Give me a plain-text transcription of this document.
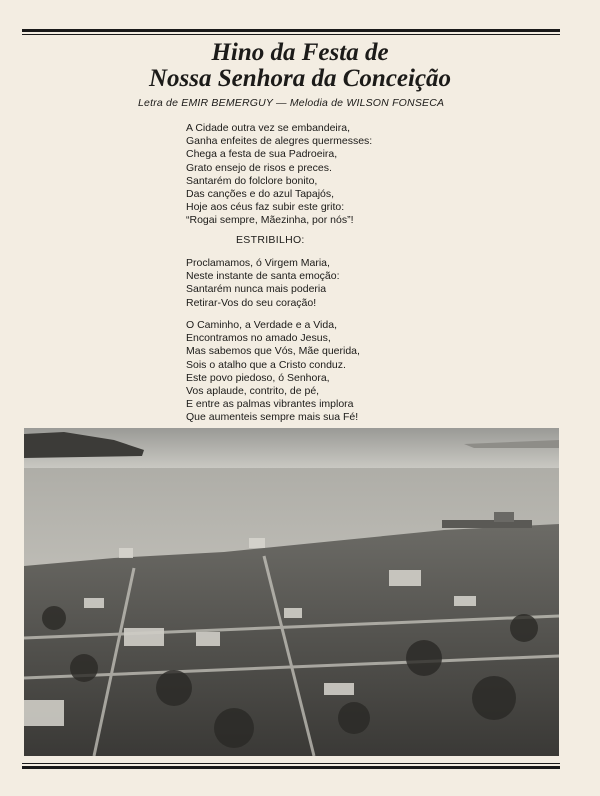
Hino da Festa de
Nossa Senhora da Conceição
Letra de EMIR BEMERGUY — Melodia de WILSON FONSECA
A Cidade outra vez se embandeira,
Ganha enfeites de alegres quermesses:
Chega a festa de sua Padroeira,
Grato ensejo de risos e preces.
Santarém do folclore bonito,
Das canções e do azul Tapajós,
Hoje aos céus faz subir este grito:
“Rogai sempre, Mãezinha, por nós”!
ESTRIBILHO:
Proclamamos, ó Virgem Maria,
Neste instante de santa emoção:
Santarém nunca mais poderia
Retirar-Vos do seu coração!
O Caminho, a Verdade e a Vida,
Encontramos no amado Jesus,
Mas sabemos que Vós, Mãe querida,
Sois o atalho que a Cristo conduz.
Este povo piedoso, ó Senhora,
Vos aplaude, contrito, de pé,
E entre as palmas vibrantes implora
Que aumenteis sempre mais sua Fé!
